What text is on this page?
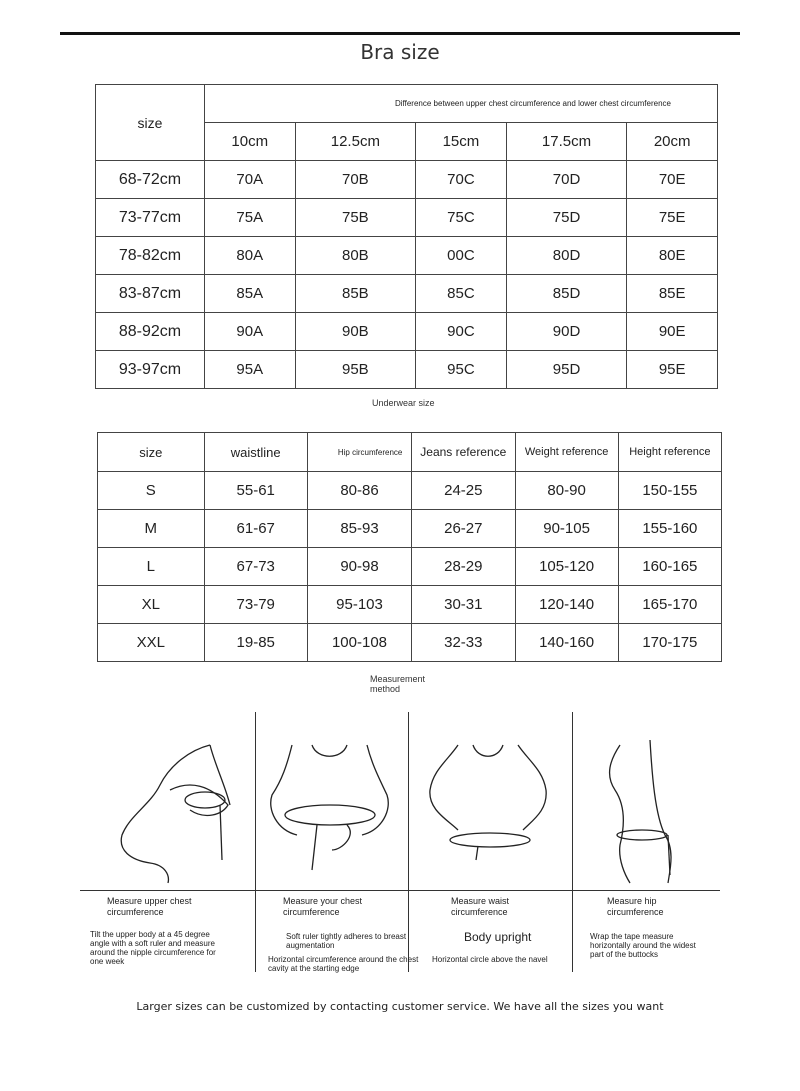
Bra size
size	Difference between upper chest circumference and lower chest circumference				
	10cm	12.5cm	15cm	17.5cm	20cm
68-72cm	70A	70B	70C	70D	70E
73-77cm	75A	75B	75C	75D	75E
78-82cm	80A	80B	00C	80D	80E
83-87cm	85A	85B	85C	85D	85E
88-92cm	90A	90B	90C	90D	90E
93-97cm	95A	95B	95C	95D	95E
Underwear size
size	waistline	Hip circumference	Jeans reference	Weight reference	Height reference
S	55-61	80-86	24-25	80-90	150-155
M	61-67	85-93	26-27	90-105	155-160
L	67-73	90-98	28-29	105-120	160-165
XL	73-79	95-103	30-31	120-140	165-170
XXL	19-85	100-108	32-33	140-160	170-175
Measurement method
Measure upper chest circumference
Tilt the upper body at a 45 degree angle with a soft ruler and measure around the nipple circumference for one week
Measure your chest circumference
Soft ruler tightly adheres to breast augmentation
Horizontal circumference around the chest cavity at the starting edge
Measure waist circumference
Body upright
Horizontal circle above the navel
Measure hip circumference
Wrap the tape measure horizontally around the widest part of the buttocks
Larger sizes can be customized by contacting customer service. We have all the sizes you want
